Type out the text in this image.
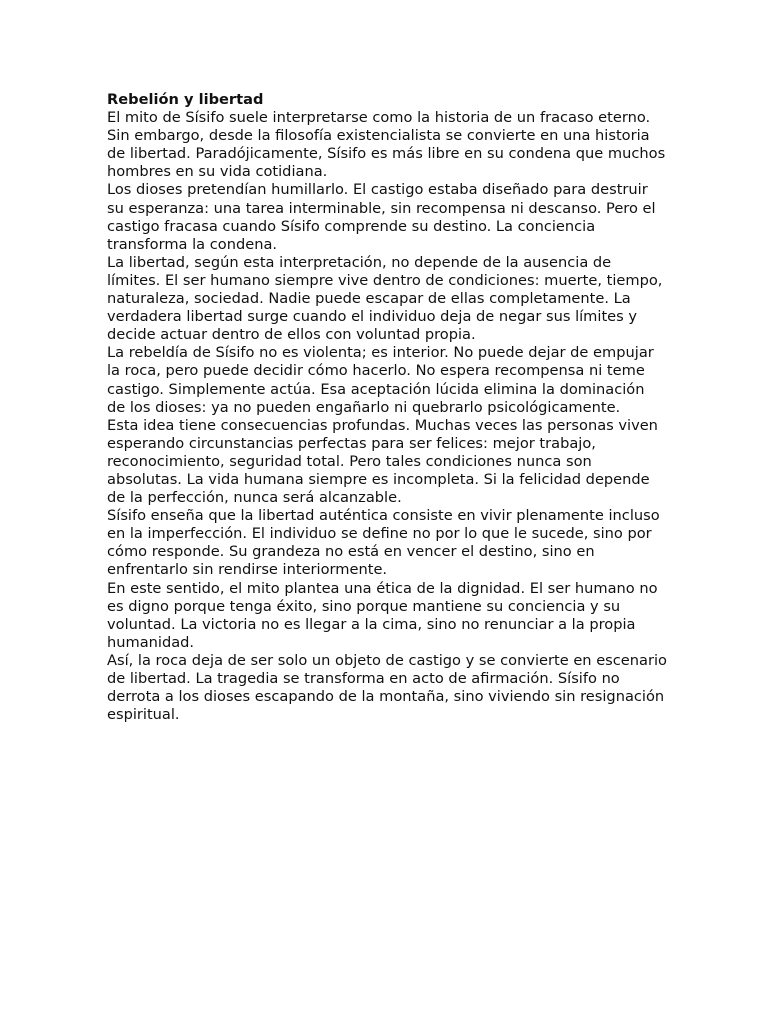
Rebelión y libertad

El mito de Sísifo suele interpretarse como la historia de un fracaso eterno. Sin embargo, desde la filosofía existencialista se convierte en una historia de libertad. Paradójicamente, Sísifo es más libre en su condena que muchos hombres en su vida cotidiana.

Los dioses pretendían humillarlo. El castigo estaba diseñado para destruir su esperanza: una tarea interminable, sin recompensa ni descanso. Pero el castigo fracasa cuando Sísifo comprende su destino. La conciencia transforma la condena.

La libertad, según esta interpretación, no depende de la ausencia de límites. El ser humano siempre vive dentro de condiciones: muerte, tiempo, naturaleza, sociedad. Nadie puede escapar de ellas completamente. La verdadera libertad surge cuando el individuo deja de negar sus límites y decide actuar dentro de ellos con voluntad propia.

La rebeldía de Sísifo no es violenta; es interior. No puede dejar de empujar la roca, pero puede decidir cómo hacerlo. No espera recompensa ni teme castigo. Simplemente actúa. Esa aceptación lúcida elimina la dominación de los dioses: ya no pueden engañarlo ni quebrarlo psicológicamente.

Esta idea tiene consecuencias profundas. Muchas veces las personas viven esperando circunstancias perfectas para ser felices: mejor trabajo, reconocimiento, seguridad total. Pero tales condiciones nunca son absolutas. La vida humana siempre es incompleta. Si la felicidad depende de la perfección, nunca será alcanzable.

Sísifo enseña que la libertad auténtica consiste en vivir plenamente incluso en la imperfección. El individuo se define no por lo que le sucede, sino por cómo responde. Su grandeza no está en vencer el destino, sino en enfrentarlo sin rendirse interiormente.

En este sentido, el mito plantea una ética de la dignidad. El ser humano no es digno porque tenga éxito, sino porque mantiene su conciencia y su voluntad. La victoria no es llegar a la cima, sino no renunciar a la propia humanidad.

Así, la roca deja de ser solo un objeto de castigo y se convierte en escenario de libertad. La tragedia se transforma en acto de afirmación. Sísifo no derrota a los dioses escapando de la montaña, sino viviendo sin resignación espiritual.
